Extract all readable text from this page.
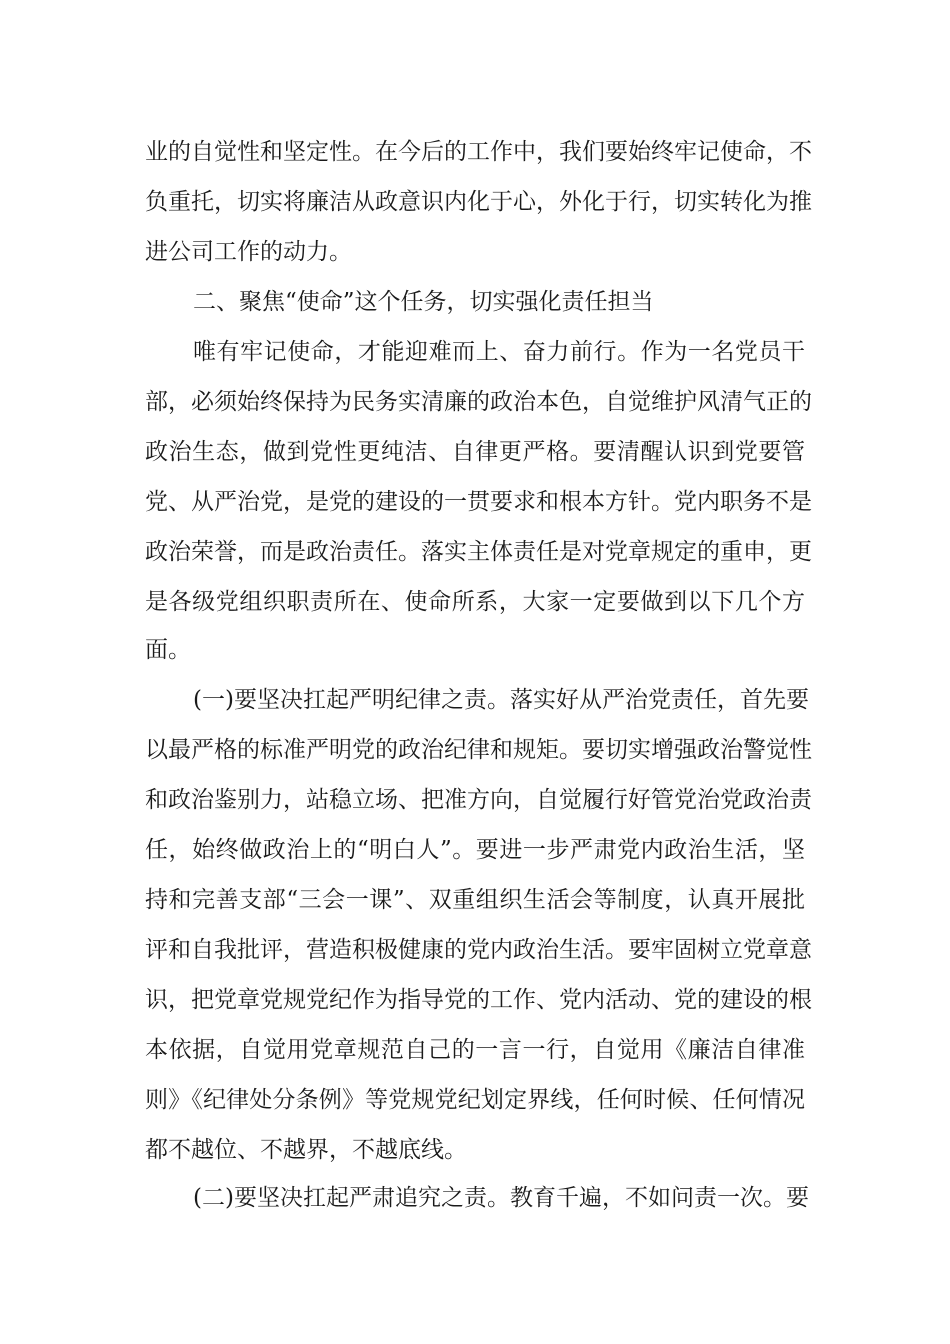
业的自觉性和坚定性。在今后的工作中，我们要始终牢记使命，不
负重托，切实将廉洁从政意识内化于心，外化于行，切实转化为推
进公司工作的动力。
二、聚焦“使命”这个任务，切实强化责任担当
唯有牢记使命，才能迎难而上、奋力前行。作为一名党员干
部，必须始终保持为民务实清廉的政治本色，自觉维护风清气正的
政治生态，做到党性更纯洁、自律更严格。要清醒认识到党要管
党、从严治党，是党的建设的一贯要求和根本方针。党内职务不是
政治荣誉，而是政治责任。落实主体责任是对党章规定的重申，更
是各级党组织职责所在、使命所系，大家一定要做到以下几个方
面。
(一)要坚决扛起严明纪律之责。落实好从严治党责任，首先要
以最严格的标准严明党的政治纪律和规矩。要切实增强政治警觉性
和政治鉴别力，站稳立场、把准方向，自觉履行好管党治党政治责
任，始终做政治上的“明白人”。要进一步严肃党内政治生活，坚
持和完善支部“三会一课”、双重组织生活会等制度，认真开展批
评和自我批评，营造积极健康的党内政治生活。要牢固树立党章意
识，把党章党规党纪作为指导党的工作、党内活动、党的建设的根
本依据，自觉用党章规范自己的一言一行，自觉用《廉洁自律准
则》《纪律处分条例》等党规党纪划定界线，任何时候、任何情况
都不越位、不越界，不越底线。
(二)要坚决扛起严肃追究之责。教育千遍，不如问责一次。要
